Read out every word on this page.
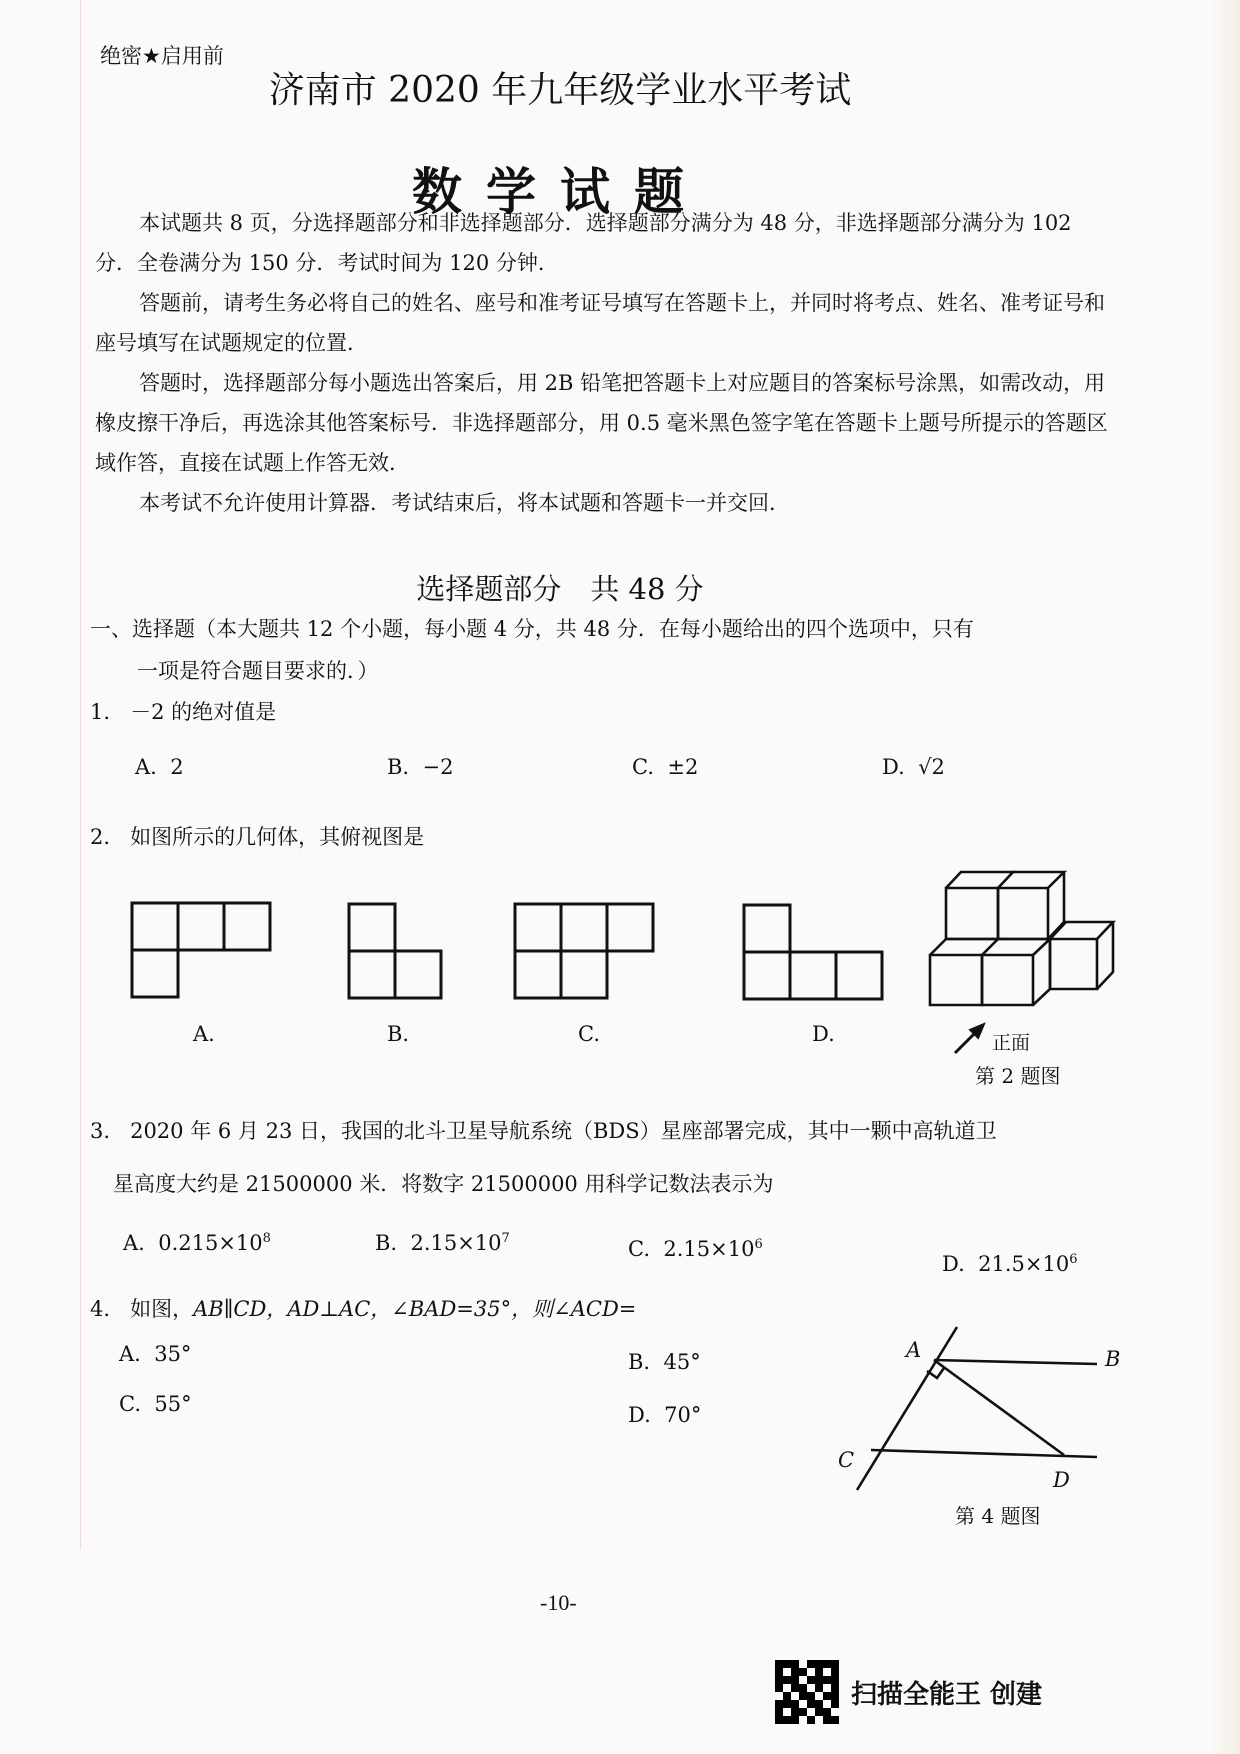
绝密★启用前
济南市 2020 年九年级学业水平考试
数学试题

本试题共 8 页，分选择题部分和非选择题部分．选择题部分满分为 48 分，非选择题部分满分为 102 分．全卷满分为 150 分．考试时间为 120 分钟．

答题前，请考生务必将自己的姓名、座号和准考证号填写在答题卡上，并同时将考点、姓名、准考证号和座号填写在试题规定的位置．

答题时，选择题部分每小题选出答案后，用 2B 铅笔把答题卡上对应题目的答案标号涂黑，如需改动，用橡皮擦干净后，再选涂其他答案标号．非选择题部分，用 0.5 毫米黑色签字笔在答题卡上题号所提示的答题区域作答，直接在试题上作答无效．

本考试不允许使用计算器．考试结束后，将本试题和答题卡一并交回．

选择题部分　共 48 分
一、选择题（本大题共 12 个小题，每小题 4 分，共 48 分．在每小题给出的四个选项中，只有
一项是符合题目要求的．）
1. －2 的绝对值是
A. 2	B. −2	C. ±2	D. √2
2. 如图所示的几何体，其俯视图是
A.	B.	C.	D.	正面
第 2 题图
3. 2020 年 6 月 23 日，我国的北斗卫星导航系统（BDS）星座部署完成，其中一颗中高轨道卫
星高度大约是 21500000 米．将数字 21500000 用科学记数法表示为
A. $0.215\times 10^8$	B. $2.15\times 10^7$	C. $2.15\times 10^6$
D. $21.5\times 10^6$
4. 如图，AB∥CD，AD⊥AC，∠BAD=35°，则∠ACD=
A. 35°	B. 45°
C. 55°	D. 70°
A	B
C
D
第 4 题图
-10-
扫描全能王 创建
